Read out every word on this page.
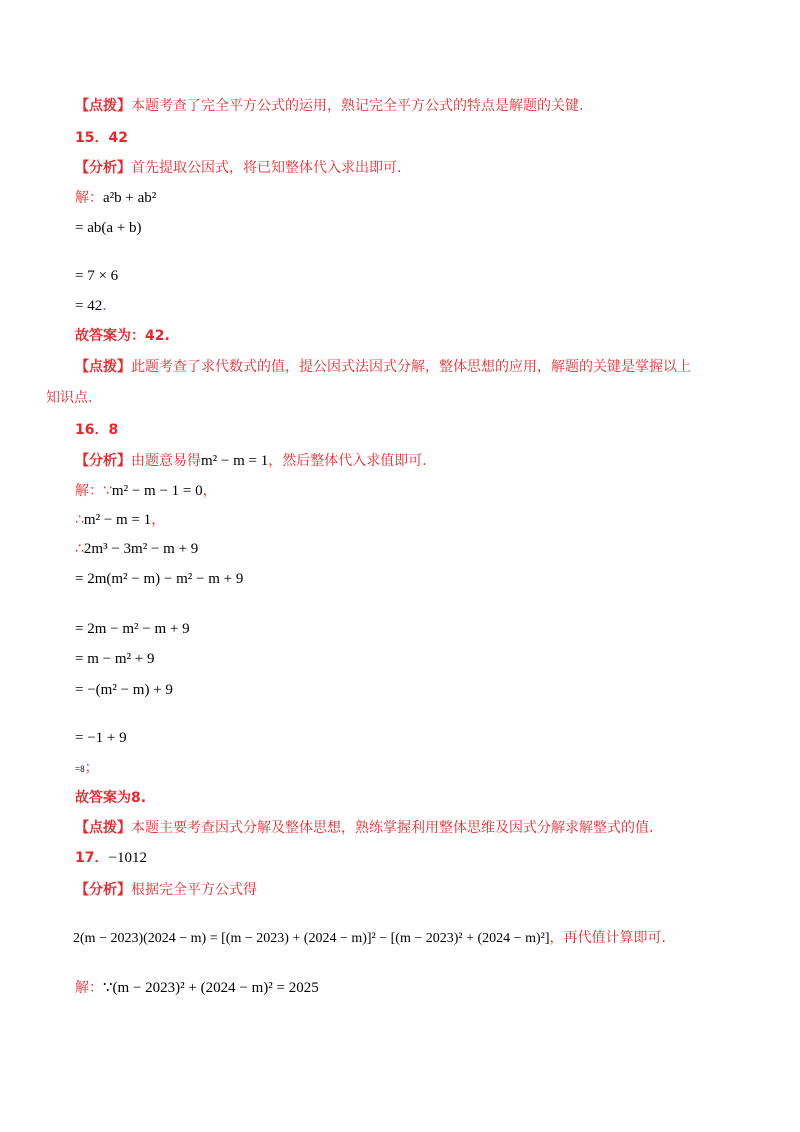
【点拨】本题考查了完全平方公式的运用，熟记完全平方公式的特点是解题的关键.
15．42
【分析】首先提取公因式，将已知整体代入求出即可.
解：a²b + ab²
= ab(a + b)
= 7 × 6
= 42.
故答案为：42.
【点拨】此题考查了求代数式的值，提公因式法因式分解，整体思想的应用，解题的关键是掌握以上
知识点.
16．8
【分析】由题意易得m² − m = 1，然后整体代入求值即可.
解：∵m² − m − 1 = 0，
∴m² − m = 1，
∴2m³ − 3m² − m + 9
= 2m(m² − m) − m² − m + 9
= 2m − m² − m + 9
= m − m² + 9
= −(m² − m) + 9
= −1 + 9
=8；
故答案为8.
【点拨】本题主要考查因式分解及整体思想，熟练掌握利用整体思维及因式分解求解整式的值.
17．−1012
【分析】根据完全平方公式得
2(m − 2023)(2024 − m) = [(m − 2023) + (2024 − m)]² − [(m − 2023)² + (2024 − m)²]，再代值计算即可.
解：∵(m − 2023)² + (2024 − m)² = 2025
